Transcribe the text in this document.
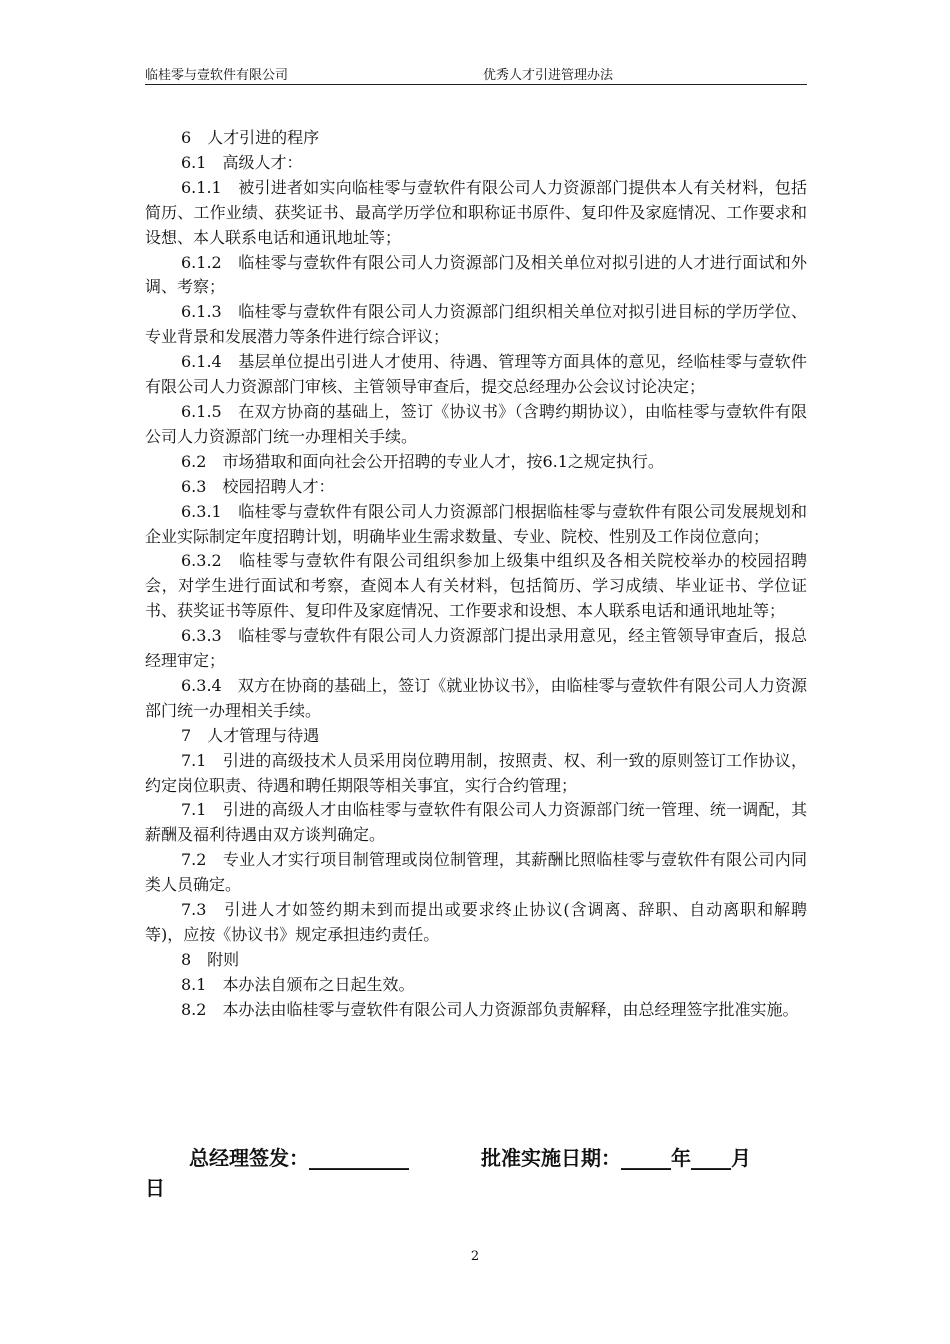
临桂零与壹软件有限公司	优秀人才引进管理办法

6　人才引进的程序

6.1　高级人才：

6.1.1　被引进者如实向临桂零与壹软件有限公司人力资源部门提供本人有关材料，包括简历、工作业绩、获奖证书、最高学历学位和职称证书原件、复印件及家庭情况、工作要求和设想、本人联系电话和通讯地址等；

6.1.2　临桂零与壹软件有限公司人力资源部门及相关单位对拟引进的人才进行面试和外调、考察；

6.1.3　临桂零与壹软件有限公司人力资源部门组织相关单位对拟引进目标的学历学位、专业背景和发展潜力等条件进行综合评议；

6.1.4　基层单位提出引进人才使用、待遇、管理等方面具体的意见，经临桂零与壹软件有限公司人力资源部门审核、主管领导审查后，提交总经理办公会议讨论决定；

6.1.5　在双方协商的基础上，签订《协议书》（含聘约期协议），由临桂零与壹软件有限公司人力资源部门统一办理相关手续。

6.2　市场猎取和面向社会公开招聘的专业人才，按6.1之规定执行。

6.3　校园招聘人才：

6.3.1　临桂零与壹软件有限公司人力资源部门根据临桂零与壹软件有限公司发展规划和企业实际制定年度招聘计划，明确毕业生需求数量、专业、院校、性别及工作岗位意向；

6.3.2　临桂零与壹软件有限公司组织参加上级集中组织及各相关院校举办的校园招聘会，对学生进行面试和考察，查阅本人有关材料，包括简历、学习成绩、毕业证书、学位证书、获奖证书等原件、复印件及家庭情况、工作要求和设想、本人联系电话和通讯地址等；

6.3.3　临桂零与壹软件有限公司人力资源部门提出录用意见，经主管领导审查后，报总经理审定；

6.3.4　双方在协商的基础上，签订《就业协议书》，由临桂零与壹软件有限公司人力资源部门统一办理相关手续。

7　人才管理与待遇

7.1　引进的高级技术人员采用岗位聘用制，按照责、权、利一致的原则签订工作协议，约定岗位职责、待遇和聘任期限等相关事宜，实行合约管理；

7.1　引进的高级人才由临桂零与壹软件有限公司人力资源部门统一管理、统一调配，其薪酬及福利待遇由双方谈判确定。

7.2　专业人才实行项目制管理或岗位制管理，其薪酬比照临桂零与壹软件有限公司内同类人员确定。

7.3　引进人才如签约期未到而提出或要求终止协议(含调离、辞职、自动离职和解聘等)，应按《协议书》规定承担违约责任。

8　附则

8.1　本办法自颁布之日起生效。

8.2　本办法由临桂零与壹软件有限公司人力资源部负责解释，由总经理签字批准实施。

总经理签发：__________	批准实施日期：_____年____月
日
2
